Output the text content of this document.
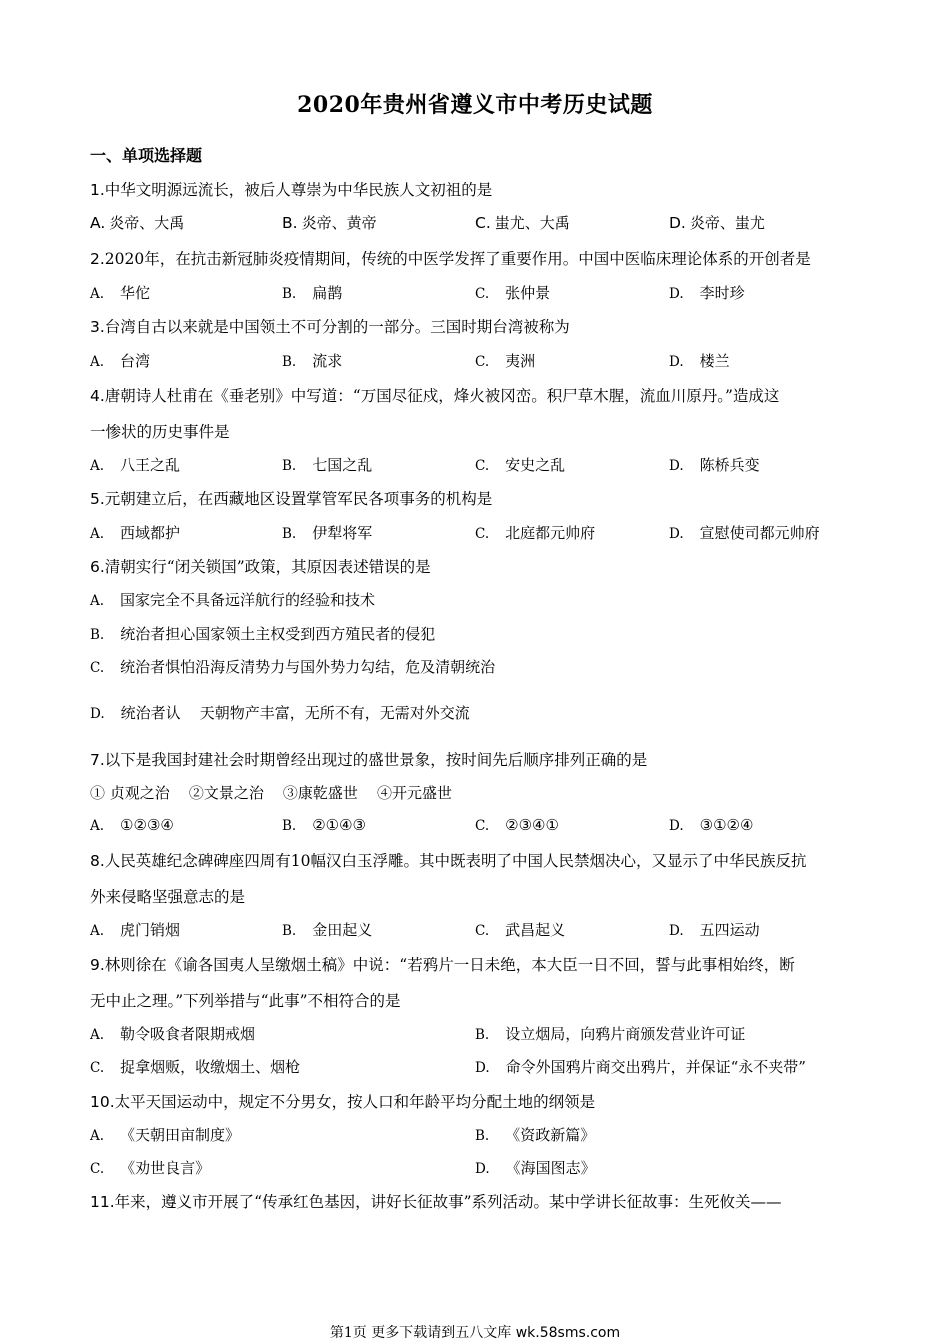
2020年贵州省遵义市中考历史试题
一、单项选择题
1.中华文明源远流长，被后人尊崇为中华民族人文初祖的是
A. 炎帝、大禹	B. 炎帝、黄帝	C. 蚩尤、大禹	D. 炎帝、蚩尤
2.2020年，在抗击新冠肺炎疫情期间，传统的中医学发挥了重要作用。中国中医临床理论体系的开创者是
A. 华佗	B. 扁鹊	C. 张仲景	D. 李时珍
3.台湾自古以来就是中国领土不可分割的一部分。三国时期台湾被称为
A. 台湾	B. 流求	C. 夷洲	D. 楼兰
4.唐朝诗人杜甫在《垂老别》中写道：“万国尽征戍，烽火被冈峦。积尸草木腥，流血川原丹。”造成这
一惨状的历史事件是
A. 八王之乱	B. 七国之乱	C. 安史之乱	D. 陈桥兵变
5.元朝建立后，在西藏地区设置掌管军民各项事务的机构是
A. 西域都护	B. 伊犁将军	C. 北庭都元帅府	D. 宣慰使司都元帅府
6.清朝实行“闭关锁国”政策，其原因表述错误的是
A. 国家完全不具备远洋航行的经验和技术
B. 统治者担心国家领土主权受到西方殖民者的侵犯
C. 统治者惧怕沿海反清势力与国外势力勾结，危及清朝统治
D. 统治者认    天朝物产丰富，无所不有，无需对外交流
7.以下是我国封建社会时期曾经出现过的盛世景象，按时间先后顺序排列正确的是
① 贞观之治    ②文景之治    ③康乾盛世    ④开元盛世
A. ①②③④	B. ②①④③	C. ②③④①	D. ③①②④
8.人民英雄纪念碑碑座四周有10幅汉白玉浮雕。其中既表明了中国人民禁烟决心，又显示了中华民族反抗
外来侵略坚强意志的是
A. 虎门销烟	B. 金田起义	C. 武昌起义	D. 五四运动
9.林则徐在《谕各国夷人呈缴烟土稿》中说：“若鸦片一日未绝，本大臣一日不回，誓与此事相始终，断
无中止之理。”下列举措与“此事”不相符合的是
A. 勒令吸食者限期戒烟	B. 设立烟局，向鸦片商颁发营业许可证
C. 捉拿烟贩，收缴烟土、烟枪	D. 命令外国鸦片商交出鸦片，并保证“永不夹带”
10.太平天国运动中，规定不分男女，按人口和年龄平均分配土地的纲领是
A. 《天朝田亩制度》	B. 《资政新篇》
C. 《劝世良言》	D. 《海国图志》
11.年来，遵义市开展了“传承红色基因，讲好长征故事”系列活动。某中学讲长征故事：生死攸关——
第1页 更多下载请到五八文库 wk.58sms.com
